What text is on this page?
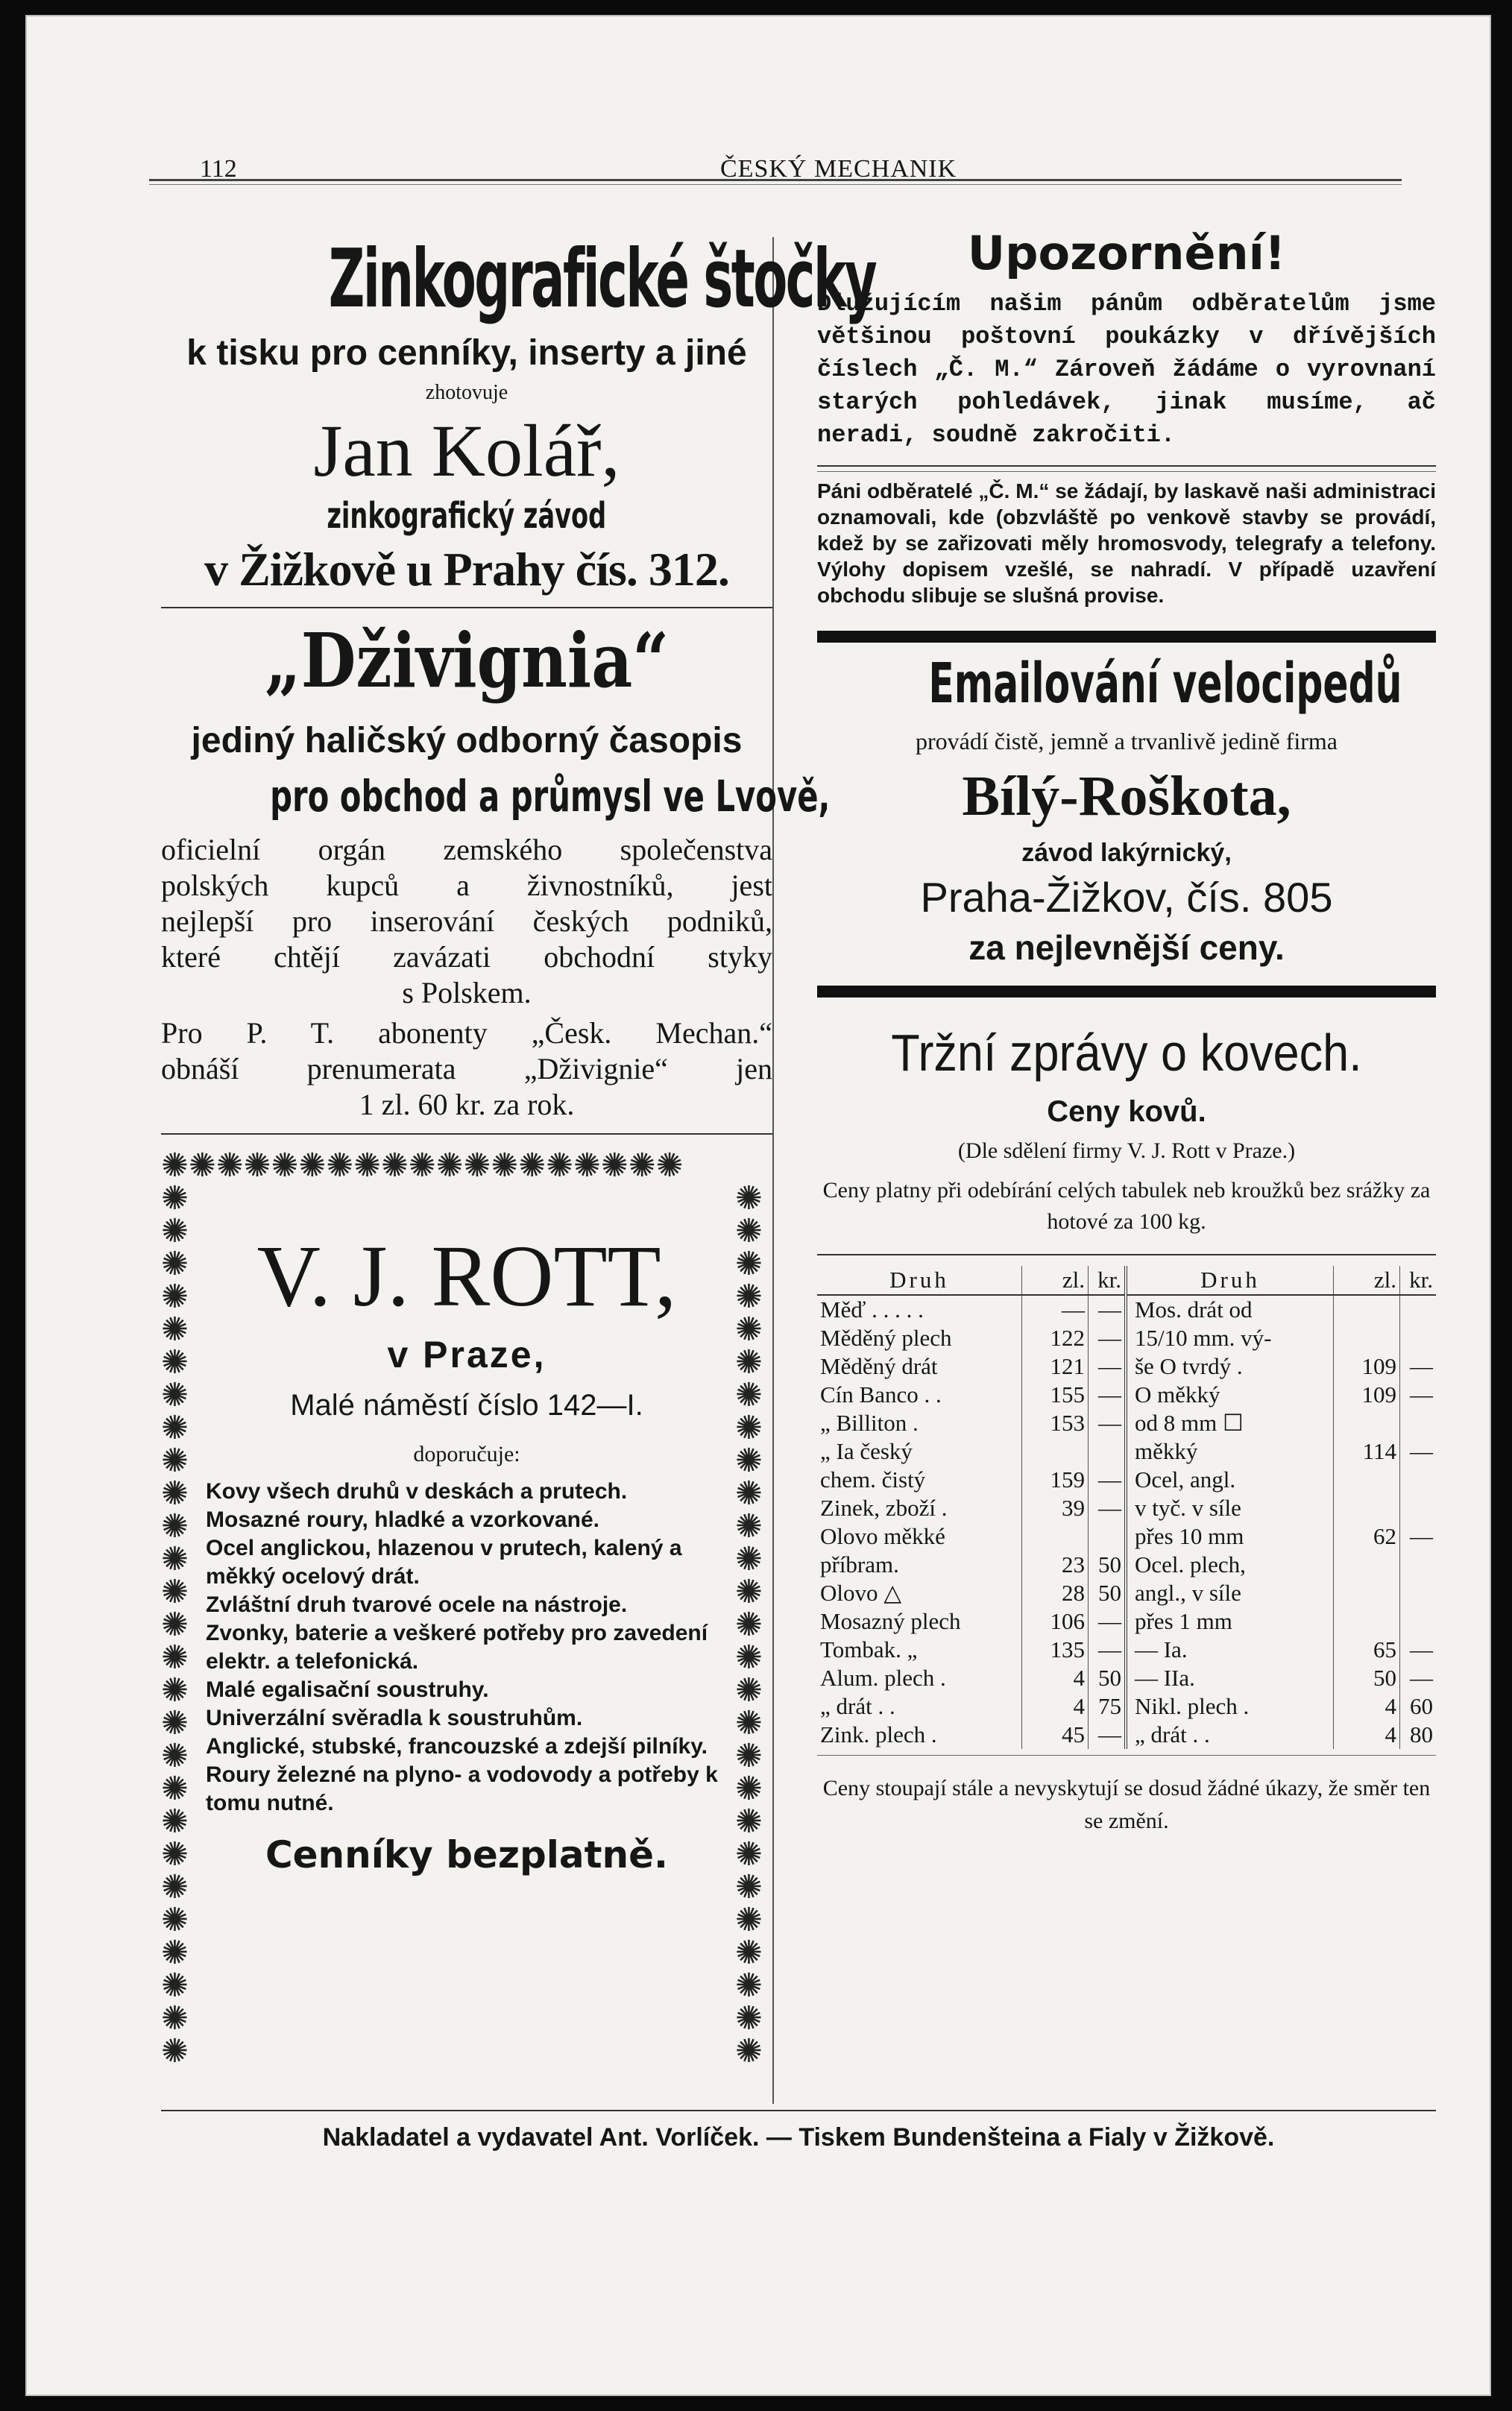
112	ČESKÝ MECHANIK
Zinkografické štočky
k tisku pro cenníky, inserty a jiné
zhotovuje
Jan Kolář,
zinkografický závod
v Žižkově u Prahy čís. 312.
„Dživignia“
jediný haličský odborný časopis
pro obchod a průmysl ve Lvově,
oficielní orgán zemského společenstva
polských kupců a živnostníků, jest
nejlepší pro inserování českých podniků,
které chtějí zavázati obchodní styky
s Polskem.
Pro P. T. abonenty „Česk. Mechan.“
obnáší prenumerata „Dživignie“ jen
1 zl. 60 kr. za rok.
✺✺✺✺✺✺✺✺✺✺✺✺✺✺✺✺✺✺✺
✺
✺
✺
✺
✺
✺
✺
✺
✺
✺
✺
✺
✺
✺
✺
✺
✺
✺
✺
✺
✺
✺
✺
✺
✺
✺
✺
✺
✺
✺
✺
✺
✺
✺
✺
✺
✺
✺
✺
✺
✺
✺
✺
✺
✺
✺
✺
✺
✺
✺
✺
✺
✺
✺
V. J. ROTT,
v Praze,
Malé náměstí číslo 142—I.
doporučuje:
Kovy všech druhů v deskách a prutech.
Mosazné roury, hladké a vzorkované.
Ocel anglickou, hlazenou v prutech, kalený a měkký ocelový drát.
Zvláštní druh tvarové ocele na nástroje.
Zvonky, baterie a veškeré potřeby pro zavedení elektr. a telefonická.
Malé egalisační soustruhy.
Univerzální svěradla k soustruhům.
Anglické, stubské, francouzské a zdejší pilníky.
Roury železné na plyno- a vodovody a potřeby k tomu nutné.
Cenníky bezplatně.
Upozornění!
Dlužujícím našim pánům odběratelům jsme většinou poštovní poukázky v dřívějších číslech „Č. M.“ Zároveň žádáme o vyrovnaní starých pohledávek, jinak musíme, ač neradi, soudně zakročiti.
Páni odběratelé „Č. M.“ se žádají, by laskavě naši administraci oznamovali, kde (obzvláště po venkově stavby se provádí, kdež by se zařizovati měly hromosvody, telegrafy a telefony. Výlohy dopisem vzešlé, se nahradí. V případě uzavření obchodu slibuje se slušná provise.
Emailování velocipedů
provádí čistě, jemně a trvanlivě jedině firma
Bílý-Roškota,
závod lakýrnický,
Praha-Žižkov, čís. 805
za nejlevnější ceny.
Tržní zprávy o kovech.
Ceny kovů.
(Dle sdělení firmy V. J. Rott v Praze.)
Ceny platny při odebírání celých tabulek neb kroužků bez srážky za hotové za 100 kg.
Druh	zl.	kr.	Druh	zl.	kr.
Měď . . . . .	—	—	Mos. drát od		
Měděný plech	122	—	15/10 mm. vý-		
Měděný drát	121	—	še O tvrdý .	109	—
Cín Banco . .	155	—	O měkký	109	—
„ Billiton .	153	—	od 8 mm ☐		
„ Ia český			měkký	114	—
chem. čistý	159	—	Ocel, angl.		
Zinek, zboží .	39	—	v tyč. v síle		
Olovo měkké			přes 10 mm	62	—
příbram.	23	50	Ocel. plech,		
Olovo △	28	50	angl., v síle		
Mosazný plech	106	—	přes 1 mm		
Tombak. „	135	—	— Ia.	65	—
Alum. plech .	4	50	— IIa.	50	—
„ drát . .	4	75	Nikl. plech .	4	60
Zink. plech .	45	—	„ drát . .	4	80
Ceny stoupají stále a nevyskytují se dosud žádné úkazy, že směr ten se změní.
Nakladatel a vydavatel Ant. Vorlíček. — Tiskem Bundenšteina a Fialy v Žižkově.
